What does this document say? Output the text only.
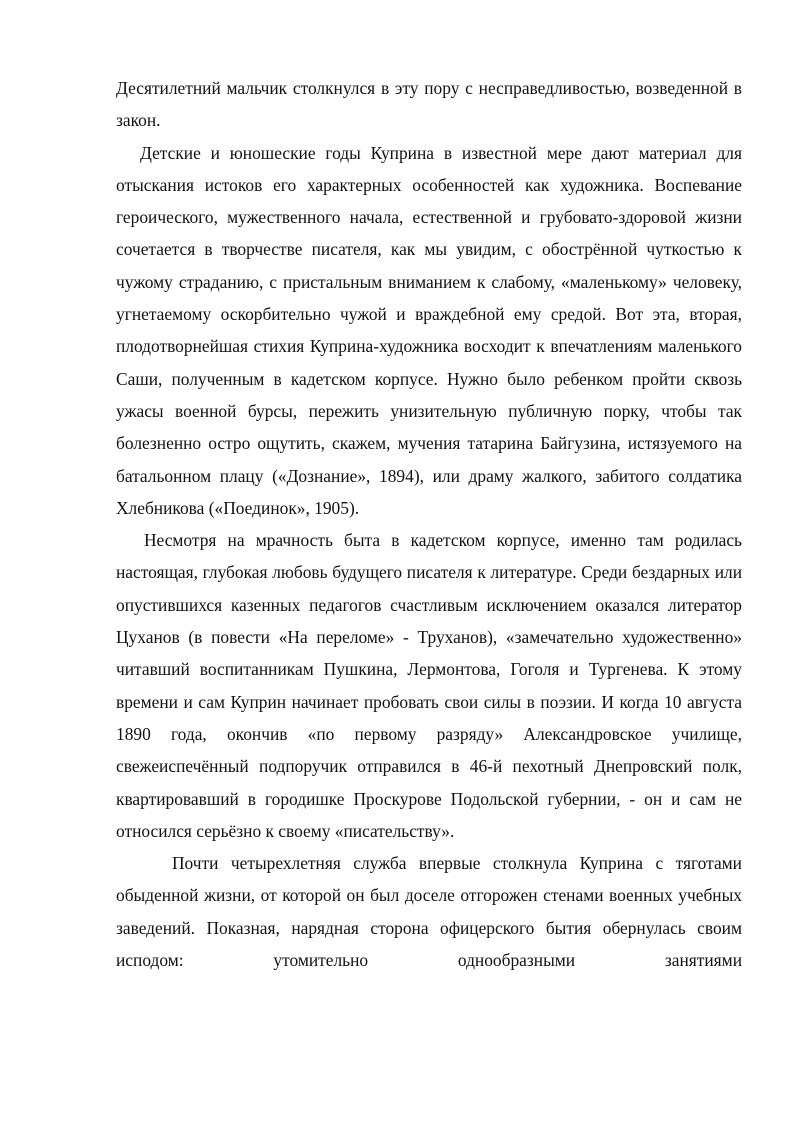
Десятилетний мальчик столкнулся в эту пору с несправедливостью, возведенной в закон.

Детские и юношеские годы Куприна в известной мере дают материал для отыскания истоков его характерных особенностей как художника. Воспевание героического, мужественного начала, естественной и грубовато-здоровой жизни сочетается в творчестве писателя, как мы увидим, с обострённой чуткостью к чужому страданию, с пристальным вниманием к слабому, «маленькому» человеку, угнетаемому оскорбительно чужой и враждебной ему средой. Вот эта, вторая, плодотворнейшая стихия Куприна-художника восходит к впечатлениям маленького Саши, полученным в кадетском корпусе. Нужно было ребенком пройти сквозь ужасы военной бурсы, пережить унизительную публичную порку, чтобы так болезненно остро ощутить, скажем, мучения татарина Байгузина, истязуемого на батальонном плацу («Дознание», 1894), или драму жалкого, забитого солдатика Хлебникова («Поединок», 1905).

Несмотря на мрачность быта в кадетском корпусе, именно там родилась настоящая, глубокая любовь будущего писателя к литературе. Среди бездарных или опустившихся казенных педагогов счастливым исключением оказался литератор Цуханов (в повести «На переломе» - Труханов), «замечательно художественно» читавший воспитанникам Пушкина, Лермонтова, Гоголя и Тургенева. К этому времени и сам Куприн начинает пробовать свои силы в поэзии. И когда 10 августа 1890 года, окончив «по первому разряду» Александровское училище, свежеиспечённый подпоручик отправился в 46-й пехотный Днепровский полк, квартировавший в городишке Проскурове Подольской губернии, - он и сам не относился серьёзно к своему «писательству».

Почти четырехлетняя служба впервые столкнула Куприна с тяготами обыденной жизни, от которой он был доселе отгорожен стенами военных учебных заведений. Показная, нарядная сторона офицерского бытия обернулась своим исподом: утомительно однообразными занятиями
